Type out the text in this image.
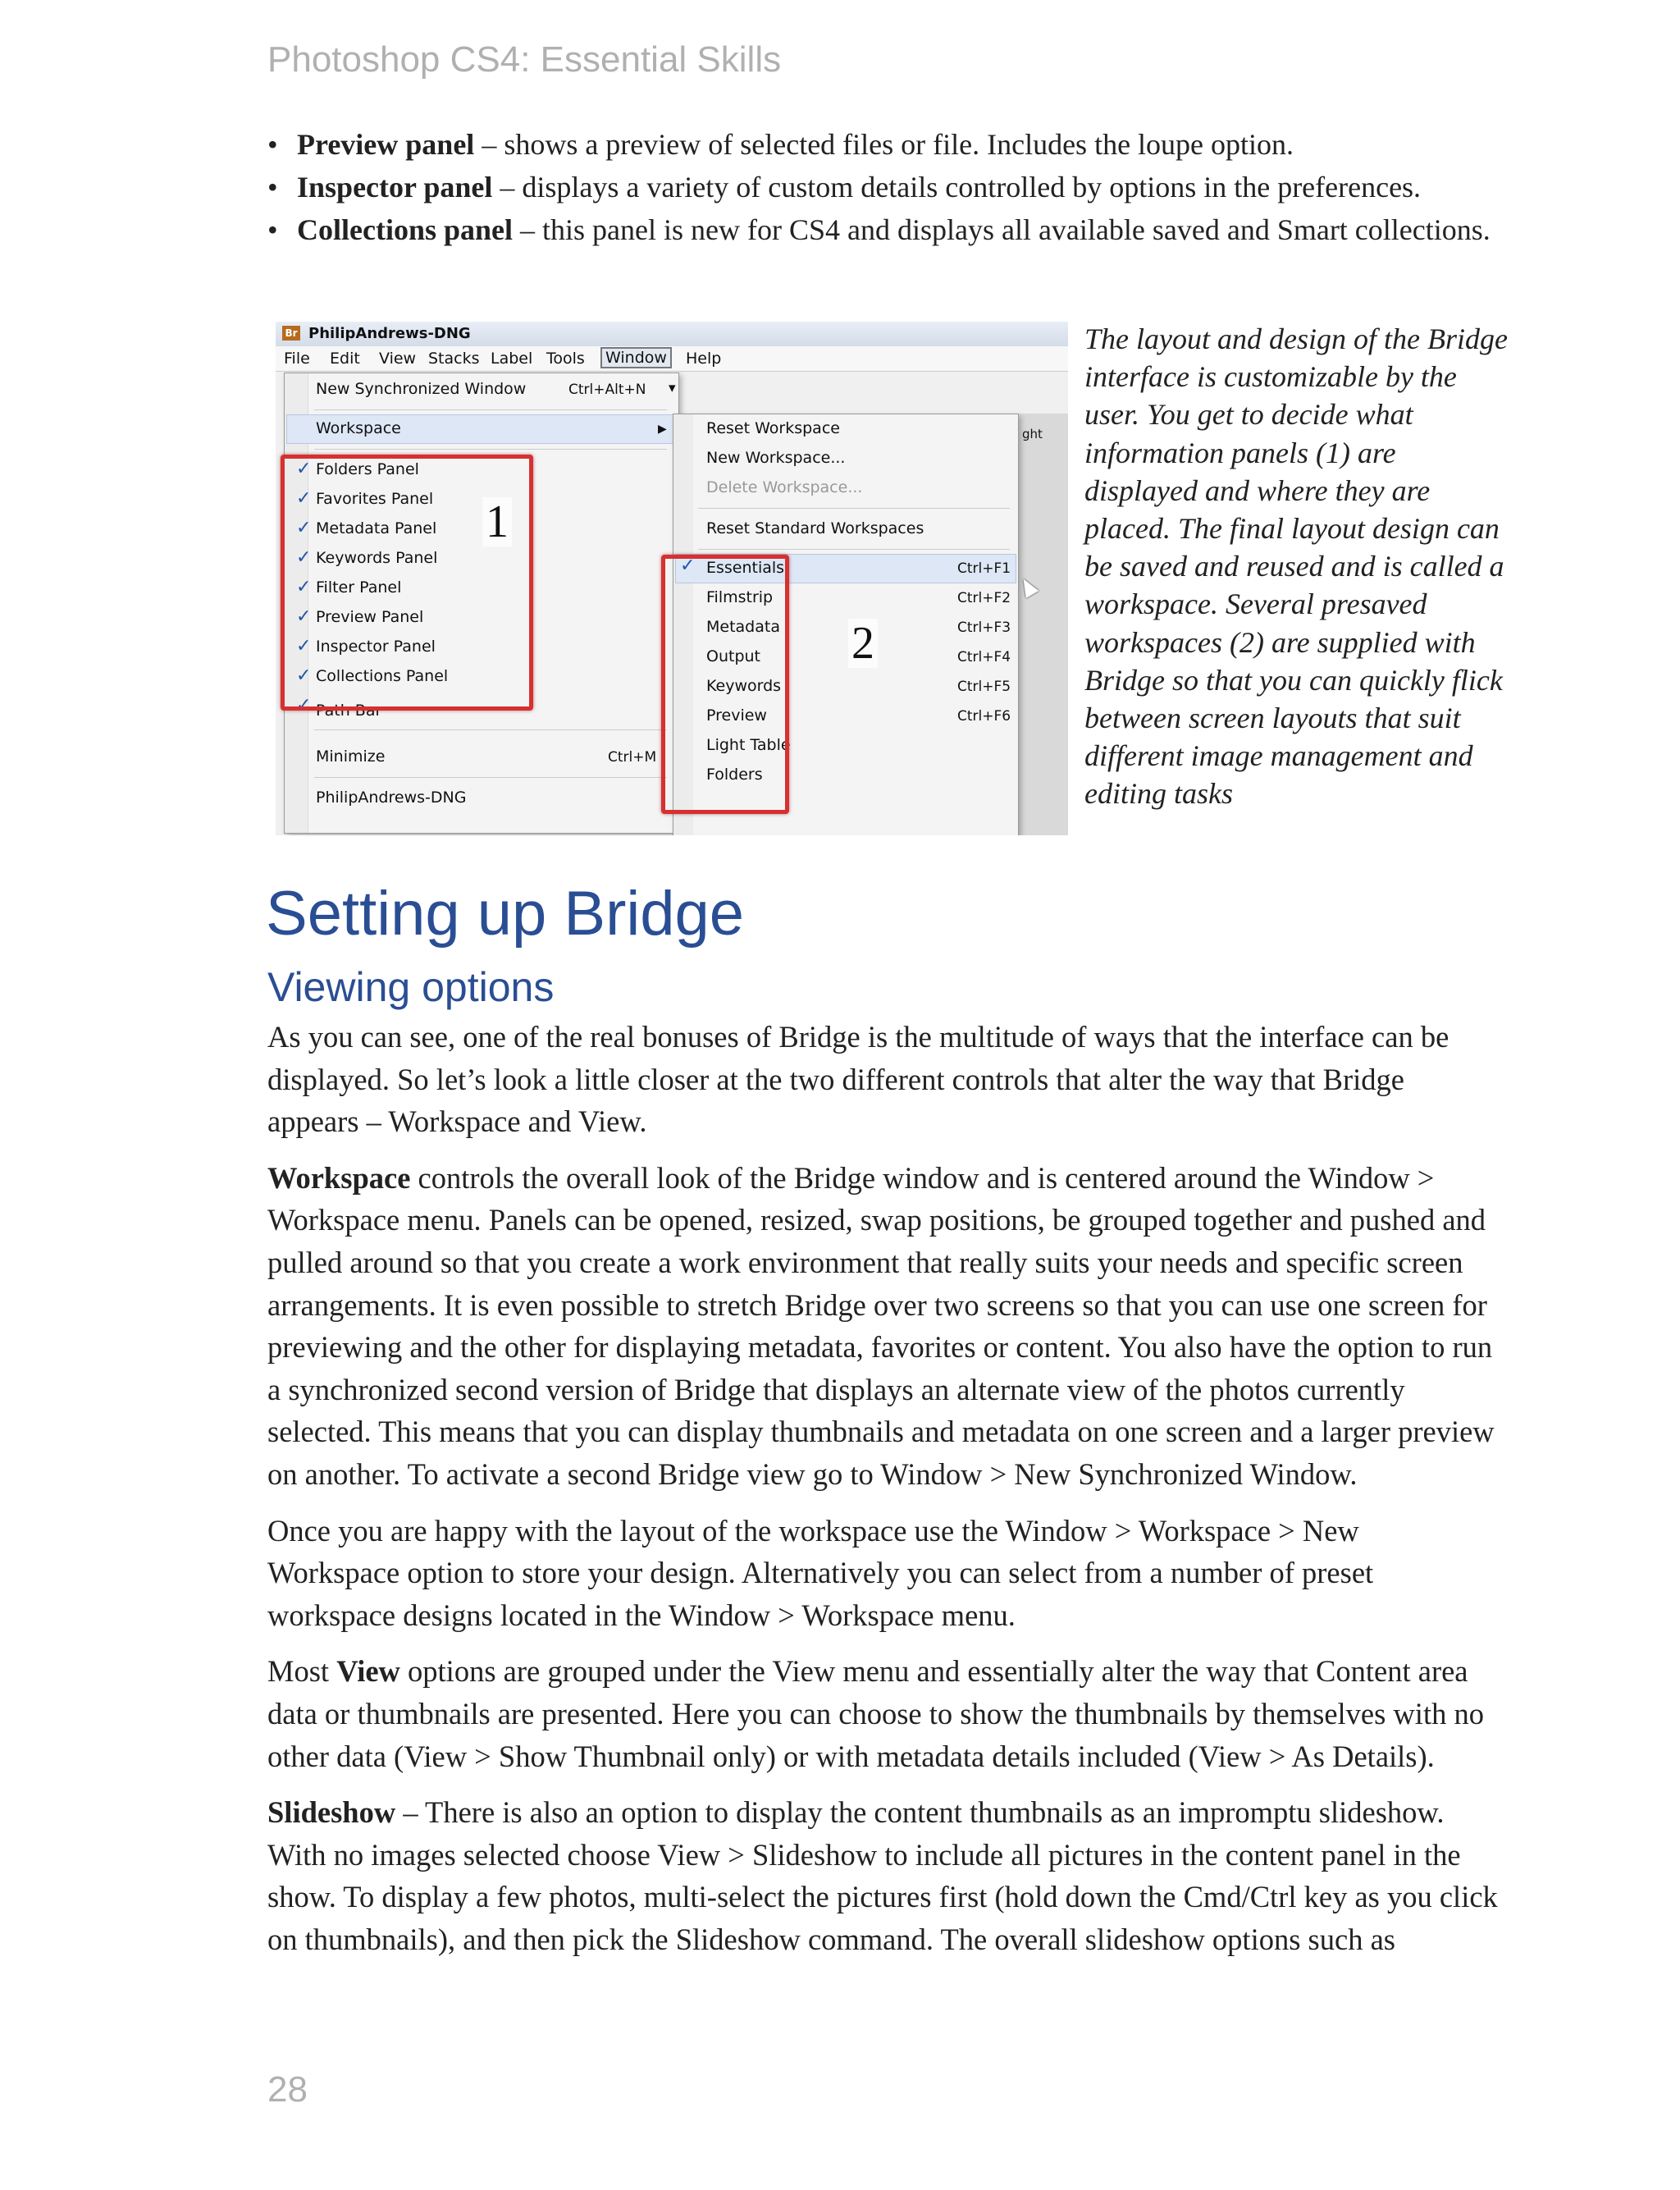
Photoshop CS4: Essential Skills
• Preview panel – shows a preview of selected files or file. Includes the loupe option.
• Inspector panel – displays a variety of custom details controlled by options in the preferences.
• Collections panel – this panel is new for CS4 and displays all available saved and Smart collections.
ght
Br PhilipAndrews-DNG
File Edit View Stacks Label Tools	Window	Help
New Synchronized Window	Ctrl+Alt+N ▾
Workspace	▶
✓ Folders Panel
✓ Favorites Panel
✓ Metadata Panel
✓ Keywords Panel
✓ Filter Panel
✓ Preview Panel
✓ Inspector Panel
✓ Collections Panel
✓ Path Bar
Minimize	Ctrl+M
PhilipAndrews-DNG
Reset Workspace
New Workspace...
Delete Workspace...
Reset Standard Workspaces
✓ Essentials	Ctrl+F1
Filmstrip	Ctrl+F2
Metadata	Ctrl+F3
Output	Ctrl+F4
Keywords	Ctrl+F5
Preview	Ctrl+F6
Light Table
Folders
1
2
The layout and design of the Bridge interface is customizable by the user. You get to decide what information panels (1) are displayed and where they are placed. The final layout design can be saved and reused and is called a workspace. Several presaved workspaces (2) are supplied with Bridge so that you can quickly flick between screen layouts that suit different image management and editing tasks
Setting up Bridge
Viewing options

As you can see, one of the real bonuses of Bridge is the multitude of ways that the interface can be displayed. So let’s look a little closer at the two different controls that alter the way that Bridge appears – Workspace and View.

Workspace controls the overall look of the Bridge window and is centered around the Window > Workspace menu. Panels can be opened, resized, swap positions, be grouped together and pushed and pulled around so that you create a work environment that really suits your needs and specific screen arrangements. It is even possible to stretch Bridge over two screens so that you can use one screen for previewing and the other for displaying metadata, favorites or content. You also have the option to run a synchronized second version of Bridge that displays an alternate view of the photos currently selected. This means that you can display thumbnails and metadata on one screen and a larger preview on another. To activate a second Bridge view go to Window > New Synchronized Window.

Once you are happy with the layout of the workspace use the Window > Workspace > New Workspace option to store your design. Alternatively you can select from a number of preset workspace designs located in the Window > Workspace menu.

Most View options are grouped under the View menu and essentially alter the way that Content area data or thumbnails are presented. Here you can choose to show the thumbnails by themselves with no other data (View > Show Thumbnail only) or with metadata details included (View > As Details).

Slideshow – There is also an option to display the content thumbnails as an impromptu slideshow. With no images selected choose View > Slideshow to include all pictures in the content panel in the show. To display a few photos, multi-select the pictures first (hold down the Cmd/Ctrl key as you click on thumbnails), and then pick the Slideshow command. The overall slideshow options such as

28
